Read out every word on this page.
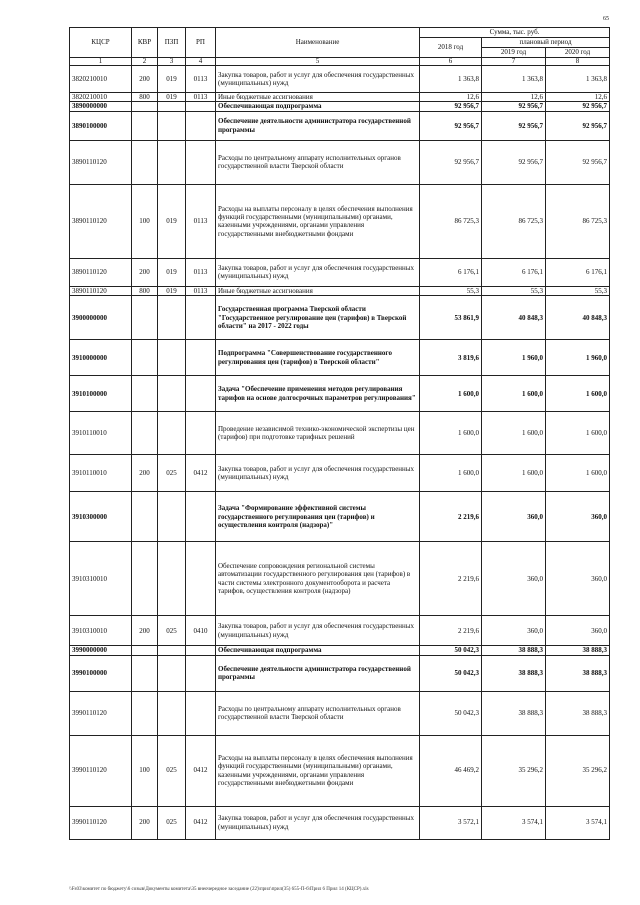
65
КЦСР	КВР	ПЗП	РП	Наименование	Сумма, тыс. руб.		
					2018 год	плановый период	
						2019 год	2020 год
1	2	3	4	5	6	7	8
3820210010	200	019	0113	Закупка товаров, работ и услуг для обеспечения государственных (муниципальных) нужд	1 363,8	1 363,8	1 363,8
3820210010	800	019	0113	Иные бюджетные ассигнования	12,6	12,6	12,6
3890000000				Обеспечивающая подпрограмма	92 956,7	92 956,7	92 956,7
3890100000				Обеспечение деятельности администратора государственной программы	92 956,7	92 956,7	92 956,7
3890110120				Расходы по центральному аппарату исполнительных органов государственной власти Тверской области	92 956,7	92 956,7	92 956,7
3890110120	100	019	0113	Расходы на выплаты персоналу в целях обеспечения выполнения функций государственными (муниципальными) органами, казенными учреждениями, органами управления государственными внебюджетными фондами	86 725,3	86 725,3	86 725,3
3890110120	200	019	0113	Закупка товаров, работ и услуг для обеспечения государственных (муниципальных) нужд	6 176,1	6 176,1	6 176,1
3890110120	800	019	0113	Иные бюджетные ассигнования	55,3	55,3	55,3
3900000000				Государственная программа Тверской области "Государственное регулирование цен (тарифов) в Тверской области" на 2017 - 2022 годы	53 861,9	40 848,3	40 848,3
3910000000				Подпрограмма "Совершенствование государственного регулирования цен (тарифов) в Тверской области"	3 819,6	1 960,0	1 960,0
3910100000				Задача "Обеспечение применения методов регулирования тарифов на основе долгосрочных параметров регулирования"	1 600,0	1 600,0	1 600,0
3910110010				Проведение независимой технико-экономической экспертизы цен (тарифов) при подготовке тарифных решений	1 600,0	1 600,0	1 600,0
3910110010	200	025	0412	Закупка товаров, работ и услуг для обеспечения государственных (муниципальных) нужд	1 600,0	1 600,0	1 600,0
3910300000				Задача "Формирование эффективной системы государственного регулирования цен (тарифов) и осуществления контроля (надзора)"	2 219,6	360,0	360,0
3910310010				Обеспечение сопровождения региональной системы автоматизации государственного регулирования цен (тарифов) в части системы электронного документооборота и расчета тарифов, осуществления контроля (надзора)	2 219,6	360,0	360,0
3910310010	200	025	0410	Закупка товаров, работ и услуг для обеспечения государственных (муниципальных) нужд	2 219,6	360,0	360,0
3990000000				Обеспечивающая подпрограмма	50 042,3	38 888,3	38 888,3
3990100000				Обеспечение деятельности администратора государственной программы	50 042,3	38 888,3	38 888,3
3990110120				Расходы по центральному аппарату исполнительных органов государственной власти Тверской области	50 042,3	38 888,3	38 888,3
3990110120	100	025	0412	Расходы на выплаты персоналу в целях обеспечения выполнения функций государственными (муниципальными) органами, казенными учреждениями, органами управления государственными внебюджетными фондами	46 469,2	35 296,2	35 296,2
3990110120	200	025	0412	Закупка товаров, работ и услуг для обеспечения государственных (муниципальных) нужд	3 572,1	3 574,1	3 574,1
\\Fs03\комитет по бюджету\6 созыв\Документы комитета\35 внеочередное заседание (22)\прил\прил(35) 655-П-6\Прил 6 Прил 14 (КЦСР).xls
